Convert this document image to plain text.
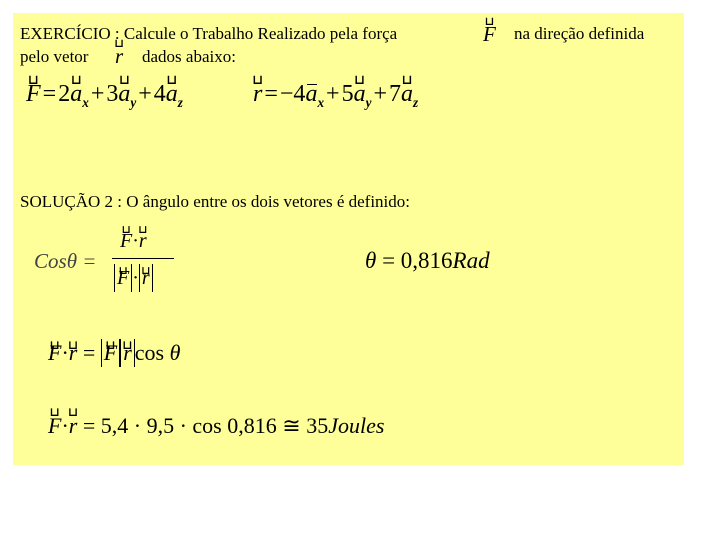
EXERCÍCIO : Calcule o Trabalho Realizado pela força	⊔ F na direção definida
pelo vetor ⊔ r dados abaixo:
⊔ F = 2⊔ $a_x$ + 3⊔ $a_y$ + 4⊔ $a_z$	⊔ r = $-4a_x$ + 5⊔ $a_y$ + 7⊔ $a_z$
SOLUÇÃO 2 : O ângulo entre os dois vetores é definido:
Cosθ =
⊔ F·⊔ r
⊔ F · ⊔ r
θ = 0,816Rad
⊔ F·⊔ r = ⊔ F ⊔ r cos θ
⊔ F·⊔ r = 5,4 · 9,5 · cos 0,816 ≅ 35Joules
